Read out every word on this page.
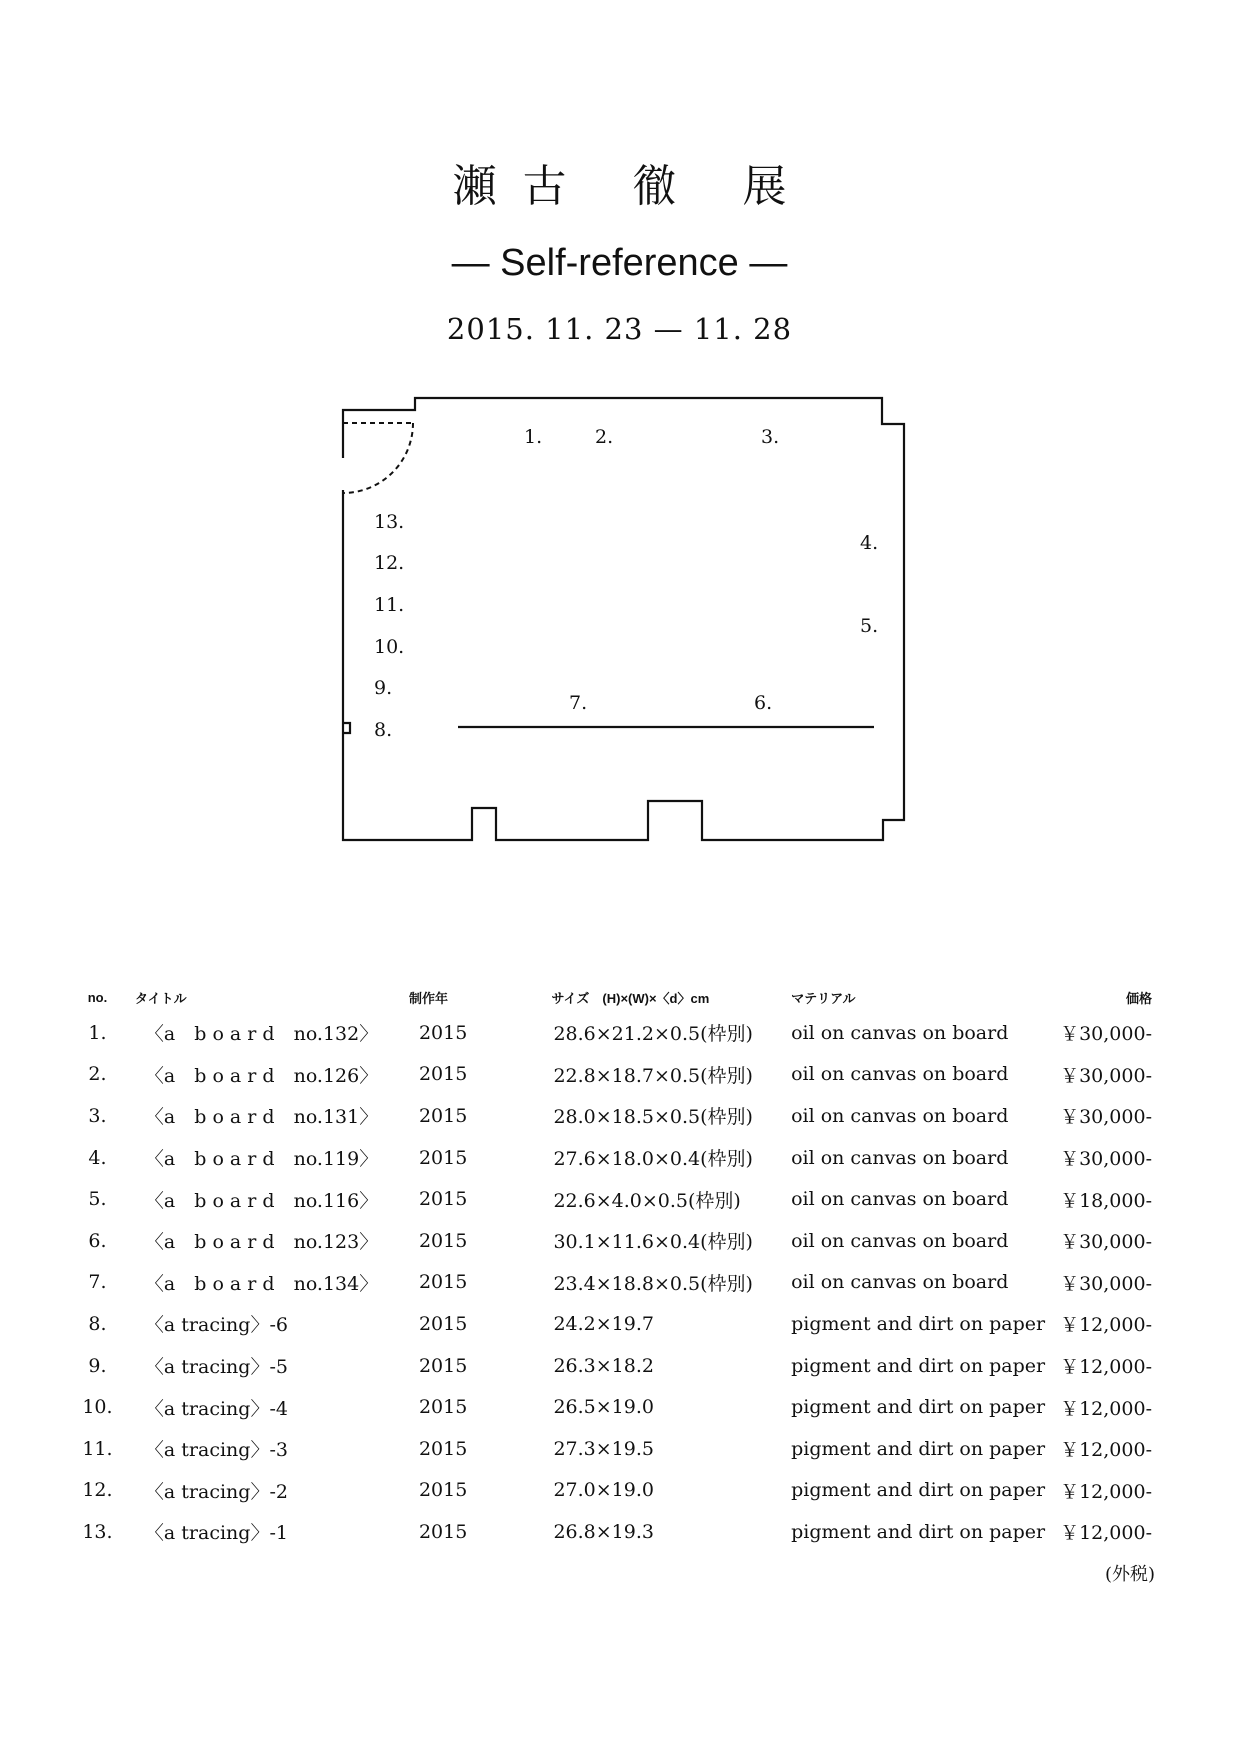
瀬古 徹 展
— Self-reference —
2015. 11. 23 — 11. 28
1.	2.	3.
4.
5.
6.
7.
8.
9.
10.
11.
12.
13.
no.	タイトル	制作年	サイズ　(H)×(W)×〈d〉cm	マテリアル	価格
1.	〈a　b o a r d　no.132〉	2015	28.6×21.2×0.5(枠別)	oil on canvas on board	￥30,000-
2.	〈a　b o a r d　no.126〉	2015	22.8×18.7×0.5(枠別)	oil on canvas on board	￥30,000-
3.	〈a　b o a r d　no.131〉	2015	28.0×18.5×0.5(枠別)	oil on canvas on board	￥30,000-
4.	〈a　b o a r d　no.119〉	2015	27.6×18.0×0.4(枠別)	oil on canvas on board	￥30,000-
5.	〈a　b o a r d　no.116〉	2015	22.6×4.0×0.5(枠別)	oil on canvas on board	￥18,000-
6.	〈a　b o a r d　no.123〉	2015	30.1×11.6×0.4(枠別)	oil on canvas on board	￥30,000-
7.	〈a　b o a r d　no.134〉	2015	23.4×18.8×0.5(枠別)	oil on canvas on board	￥30,000-
8.	〈a tracing〉-6	2015	24.2×19.7	pigment and dirt on paper	￥12,000-
9.	〈a tracing〉-5	2015	26.3×18.2	pigment and dirt on paper	￥12,000-
10.	〈a tracing〉-4	2015	26.5×19.0	pigment and dirt on paper	￥12,000-
11.	〈a tracing〉-3	2015	27.3×19.5	pigment and dirt on paper	￥12,000-
12.	〈a tracing〉-2	2015	27.0×19.0	pigment and dirt on paper	￥12,000-
13.	〈a tracing〉-1	2015	26.8×19.3	pigment and dirt on paper	￥12,000-
(外税)
